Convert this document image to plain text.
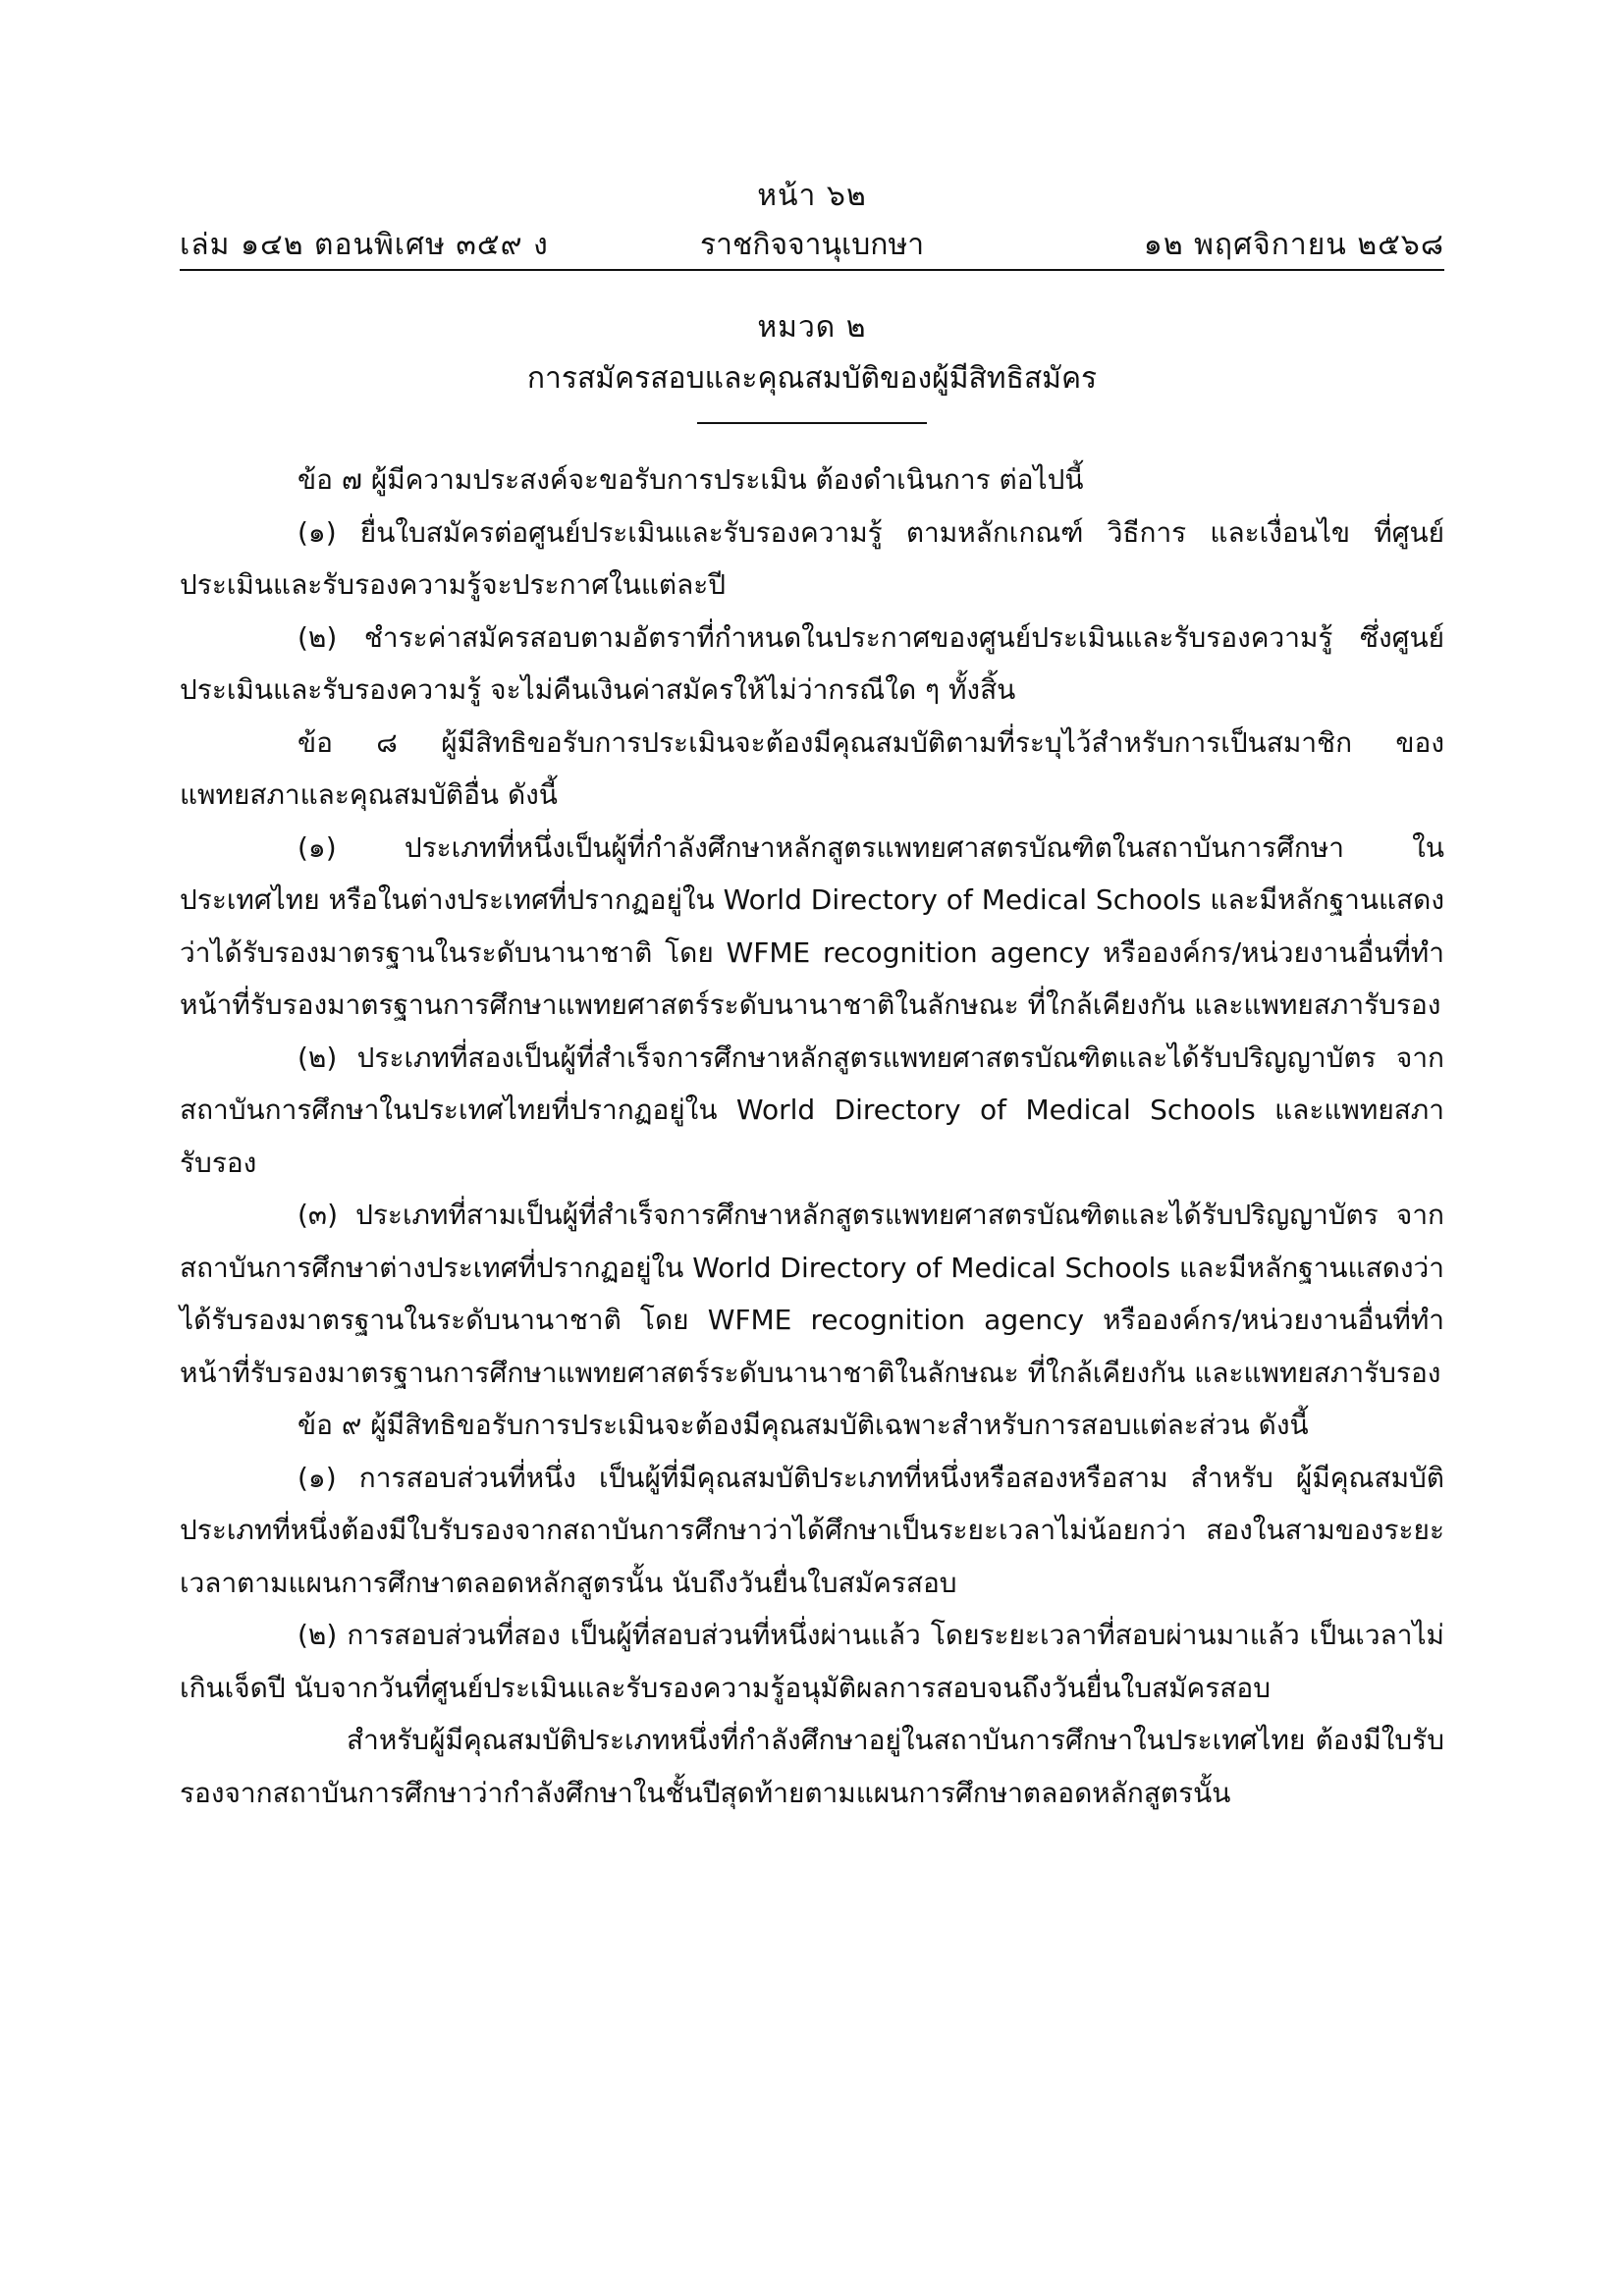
หน้า ๖๒
เล่ม ๑๔๒ ตอนพิเศษ ๓๕๙ ง	ราชกิจจานุเบกษา	๑๒ พฤศจิกายน ๒๕๖๘
หมวด ๒
การสมัครสอบและคุณสมบัติของผู้มีสิทธิสมัคร

ข้อ ๗ ผู้มีความประสงค์จะขอรับการประเมิน ต้องดำเนินการ ต่อไปนี้

(๑) ยื่นใบสมัครต่อศูนย์ประเมินและรับรองความรู้ ตามหลักเกณฑ์ วิธีการ และเงื่อนไข ที่ศูนย์ประเมินและรับรองความรู้จะประกาศในแต่ละปี

(๒) ชำระค่าสมัครสอบตามอัตราที่กำหนดในประกาศของศูนย์ประเมินและรับรองความรู้ ซึ่งศูนย์ประเมินและรับรองความรู้ จะไม่คืนเงินค่าสมัครให้ไม่ว่ากรณีใด ๆ ทั้งสิ้น

ข้อ ๘ ผู้มีสิทธิขอรับการประเมินจะต้องมีคุณสมบัติตามที่ระบุไว้สำหรับการเป็นสมาชิก ของแพทยสภาและคุณสมบัติอื่น ดังนี้

(๑) ประเภทที่หนึ่งเป็นผู้ที่กำลังศึกษาหลักสูตรแพทยศาสตรบัณฑิตในสถาบันการศึกษา ในประเทศไทย หรือในต่างประเทศที่ปรากฏอยู่ใน World Directory of Medical Schools และมีหลักฐานแสดงว่าได้รับรองมาตรฐานในระดับนานาชาติ โดย WFME recognition agency หรือองค์กร/หน่วยงานอื่นที่ทำหน้าที่รับรองมาตรฐานการศึกษาแพทยศาสตร์ระดับนานาชาติในลักษณะ ที่ใกล้เคียงกัน และแพทยสภารับรอง

(๒) ประเภทที่สองเป็นผู้ที่สำเร็จการศึกษาหลักสูตรแพทยศาสตรบัณฑิตและได้รับปริญญาบัตร จากสถาบันการศึกษาในประเทศไทยที่ปรากฏอยู่ใน World Directory of Medical Schools และแพทยสภารับรอง

(๓) ประเภทที่สามเป็นผู้ที่สำเร็จการศึกษาหลักสูตรแพทยศาสตรบัณฑิตและได้รับปริญญาบัตร จากสถาบันการศึกษาต่างประเทศที่ปรากฏอยู่ใน World Directory of Medical Schools และมีหลักฐานแสดงว่าได้รับรองมาตรฐานในระดับนานาชาติ โดย WFME recognition agency หรือองค์กร/หน่วยงานอื่นที่ทำหน้าที่รับรองมาตรฐานการศึกษาแพทยศาสตร์ระดับนานาชาติในลักษณะ ที่ใกล้เคียงกัน และแพทยสภารับรอง

ข้อ ๙ ผู้มีสิทธิขอรับการประเมินจะต้องมีคุณสมบัติเฉพาะสำหรับการสอบแต่ละส่วน ดังนี้

(๑) การสอบส่วนที่หนึ่ง เป็นผู้ที่มีคุณสมบัติประเภทที่หนึ่งหรือสองหรือสาม สำหรับ ผู้มีคุณสมบัติประเภทที่หนึ่งต้องมีใบรับรองจากสถาบันการศึกษาว่าได้ศึกษาเป็นระยะเวลาไม่น้อยกว่า สองในสามของระยะเวลาตามแผนการศึกษาตลอดหลักสูตรนั้น นับถึงวันยื่นใบสมัครสอบ

(๒) การสอบส่วนที่สอง เป็นผู้ที่สอบส่วนที่หนึ่งผ่านแล้ว โดยระยะเวลาที่สอบผ่านมาแล้ว เป็นเวลาไม่เกินเจ็ดปี นับจากวันที่ศูนย์ประเมินและรับรองความรู้อนุมัติผลการสอบจนถึงวันยื่นใบสมัครสอบ

สำหรับผู้มีคุณสมบัติประเภทหนึ่งที่กำลังศึกษาอยู่ในสถาบันการศึกษาในประเทศไทย ต้องมีใบรับรองจากสถาบันการศึกษาว่ากำลังศึกษาในชั้นปีสุดท้ายตามแผนการศึกษาตลอดหลักสูตรนั้น
